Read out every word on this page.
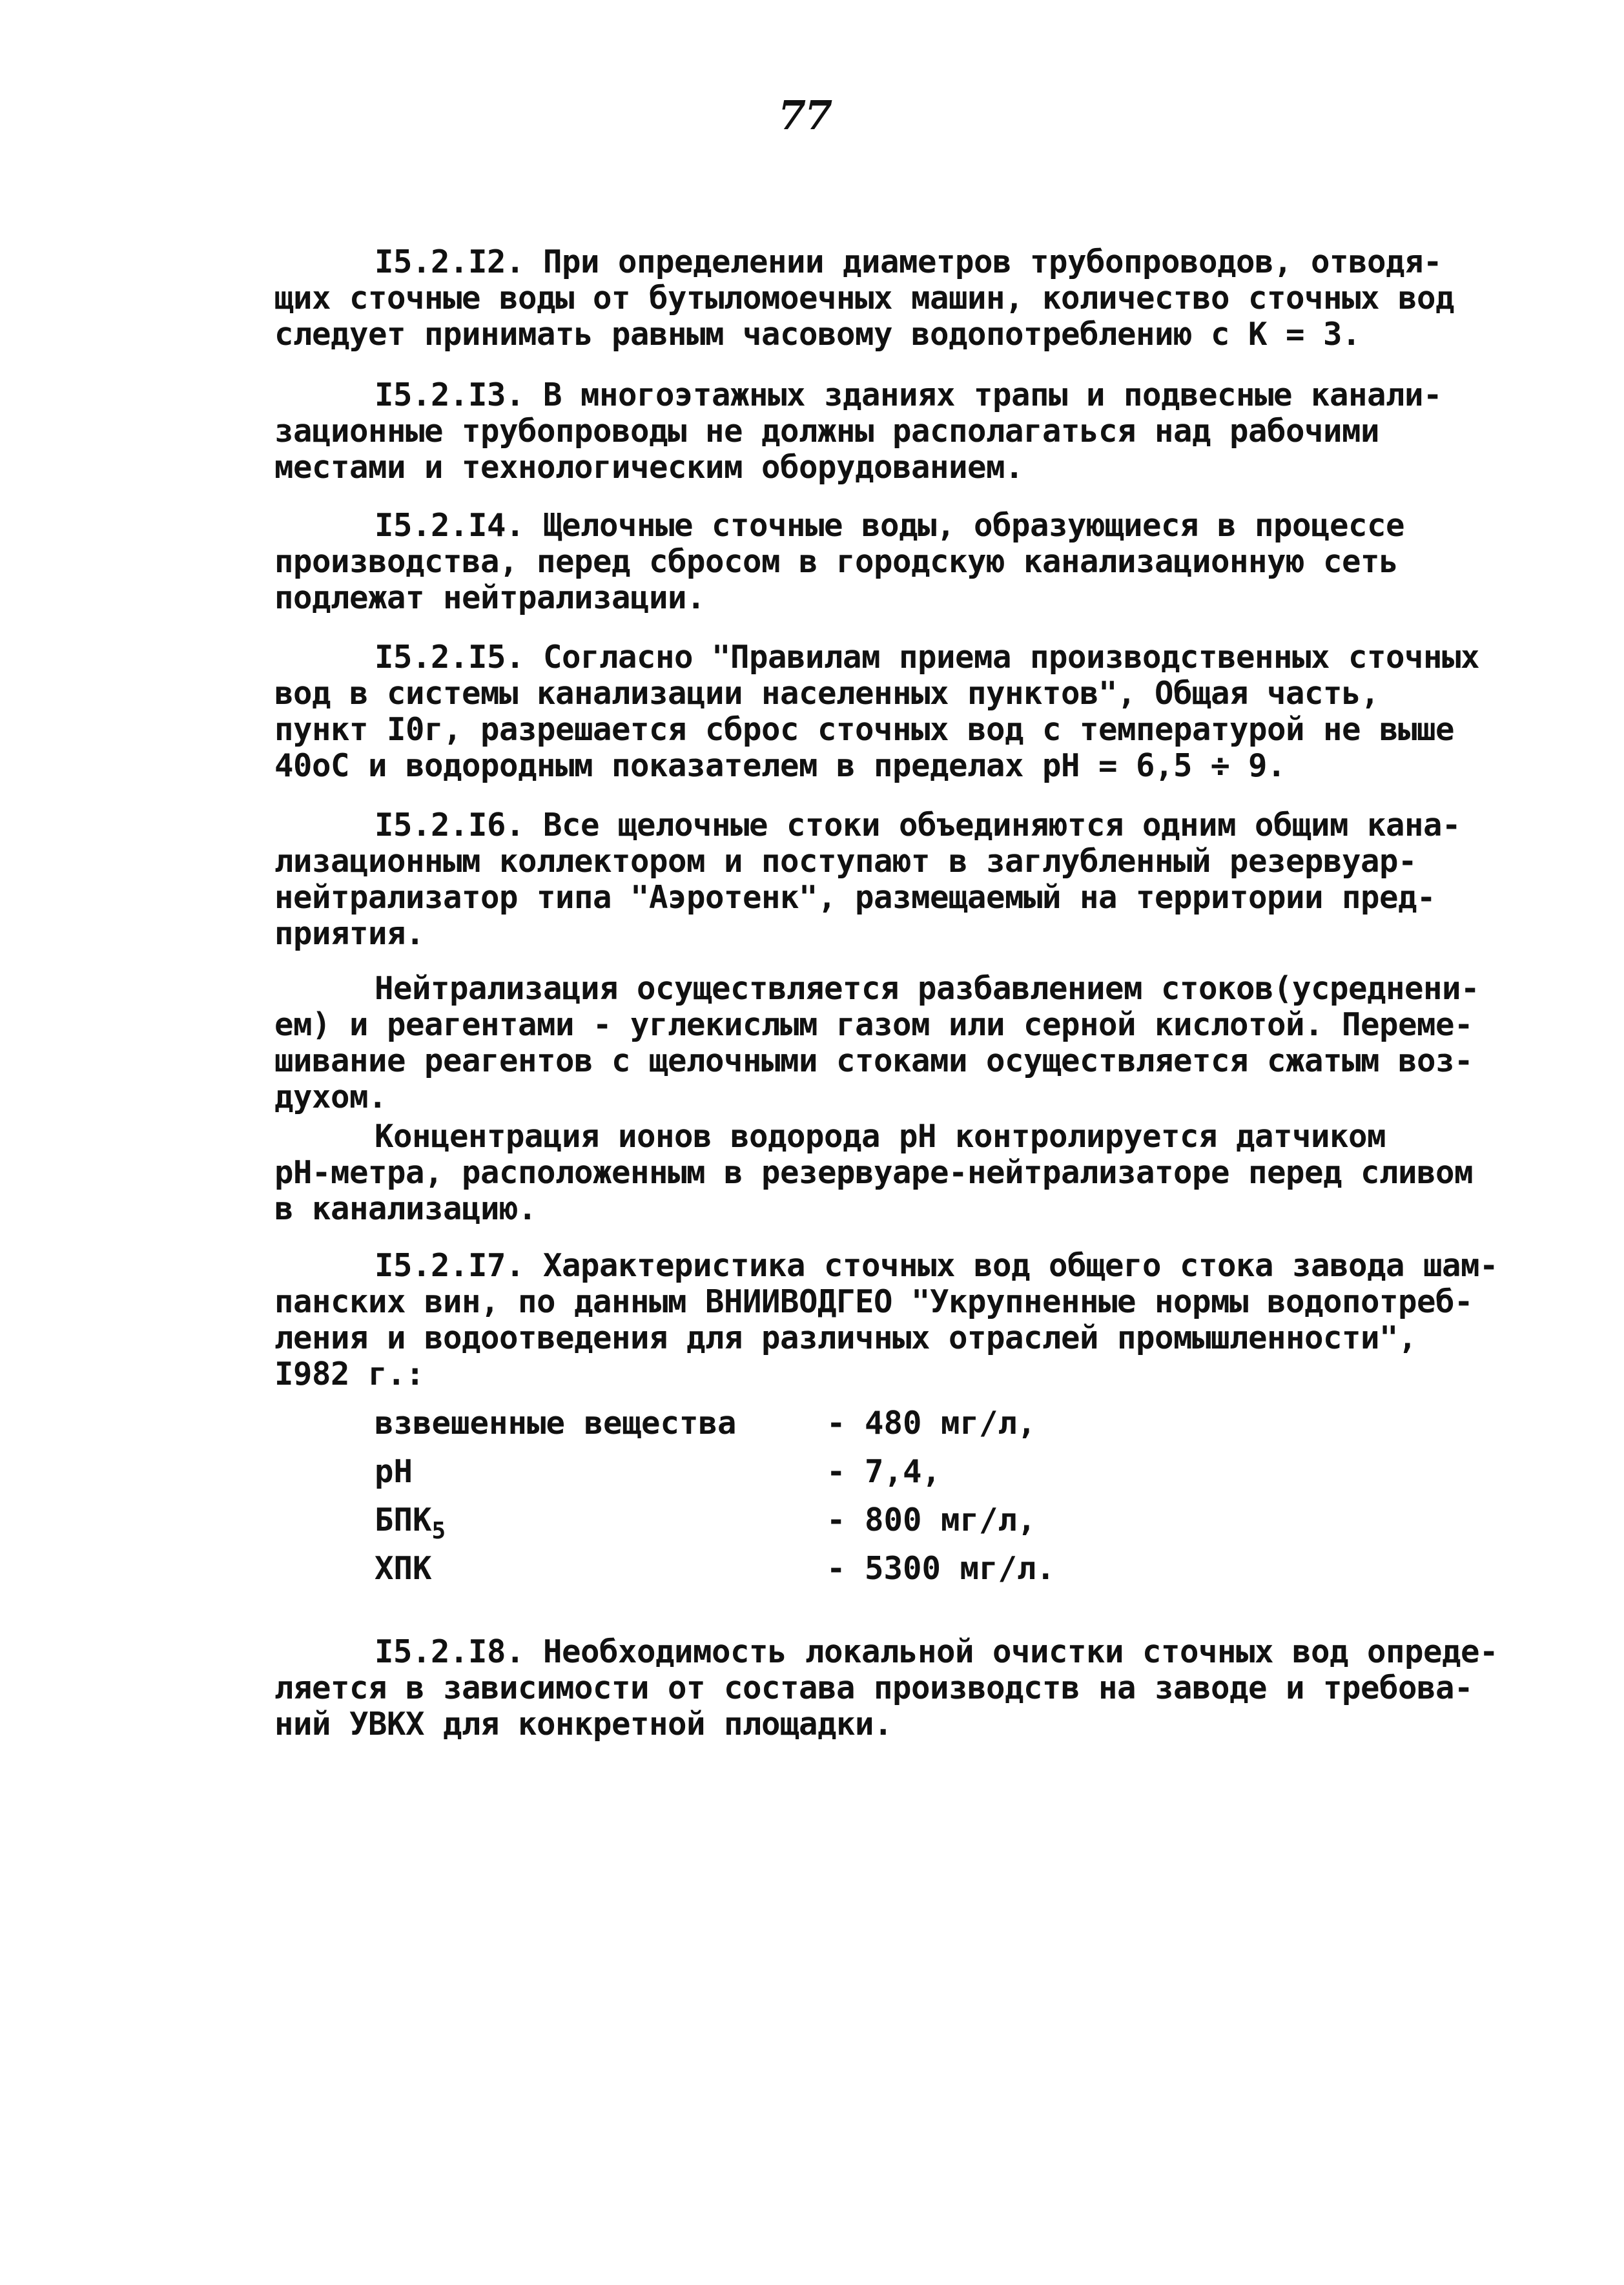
77
I5.2.I2. При определении диаметров трубопроводов, отводя-
щих сточные воды от бутыломоечных машин, количество сточных вод
следует принимать равным часовому водопотреблению с К = 3.
I5.2.I3. В многоэтажных зданиях трапы и подвесные канали-
зационные трубопроводы не должны располагаться над рабочими
местами и технологическим оборудованием.
I5.2.I4. Щелочные сточные воды, образующиеся в процессе
производства, перед сбросом в городскую канализационную сеть
подлежат нейтрализации.
I5.2.I5. Согласно "Правилам приема производственных сточных
вод в системы канализации населенных пунктов", Общая часть,
пункт I0г, разрешается сброс сточных вод с температурой не выше
40оС и водородным показателем в пределах рН = 6,5 ÷ 9.
I5.2.I6. Все щелочные стоки объединяются одним общим кана-
лизационным коллектором и поступают в заглубленный резервуар-
нейтрализатор типа "Аэротенк", размещаемый на территории пред-
приятия.
Нейтрализация осуществляется разбавлением стоков(усреднени-
ем) и реагентами - углекислым газом или серной кислотой. Переме-
шивание реагентов с щелочными стоками осуществляется сжатым воз-
духом.
Концентрация ионов водорода рН контролируется датчиком
рН-метра, расположенным в резервуаре-нейтрализаторе перед сливом
в канализацию.
I5.2.I7. Характеристика сточных вод общего стока завода шам-
панских вин, по данным ВНИИВОДГЕО "Укрупненные нормы водопотреб-
ления и водоотведения для различных отраслей промышленности",
I982 г.:
взвешенные вещества	- 480 мг/л,
рН	- 7,4,
$БПК_5$	- 800 мг/л,
ХПК	- 5300 мг/л.
I5.2.I8. Необходимость локальной очистки сточных вод опреде-
ляется в зависимости от состава производств на заводе и требова-
ний УВКХ для конкретной площадки.
